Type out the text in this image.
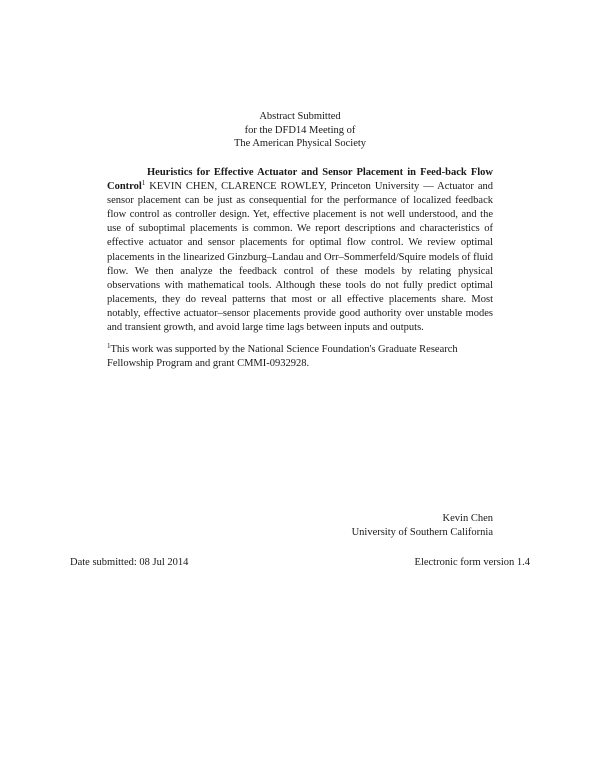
Abstract Submitted
for the DFD14 Meeting of
The American Physical Society
Heuristics for Effective Actuator and Sensor Placement in Feed-back Flow Control$^1$ KEVIN CHEN, CLARENCE ROWLEY, Princeton University — Actuator and sensor placement can be just as consequential for the performance of localized feedback flow control as controller design. Yet, effective placement is not well understood, and the use of suboptimal placements is common. We report descriptions and characteristics of effective actuator and sensor placements for optimal flow control. We review optimal placements in the linearized Ginzburg–Landau and Orr–Sommerfeld/Squire models of fluid flow. We then analyze the feedback control of these models by relating physical observations with mathematical tools. Although these tools do not fully predict optimal placements, they do reveal patterns that most or all effective placements share. Most notably, effective actuator–sensor placements provide good authority over unstable modes and transient growth, and avoid large time lags between inputs and outputs.
$^1$This work was supported by the National Science Foundation's Graduate Research Fellowship Program and grant CMMI-0932928.
Kevin Chen
University of Southern California
Date submitted: 08 Jul 2014	Electronic form version 1.4
